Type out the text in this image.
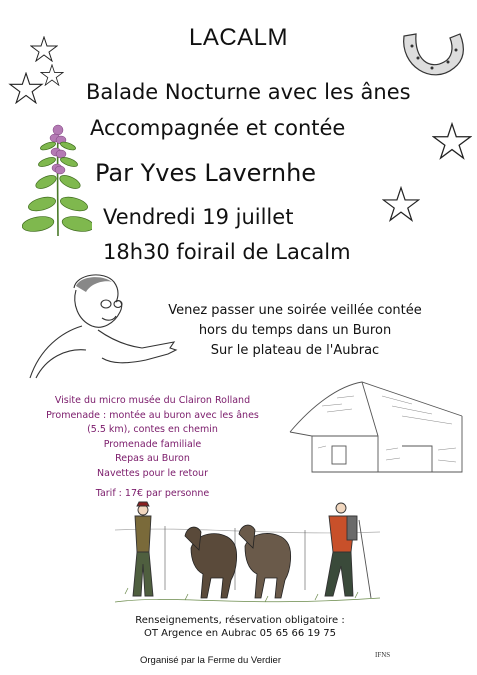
LACALM
Balade Nocturne avec les ânes
Accompagnée et contée
Par Yves Lavernhe
Vendredi 19 juillet
18h30 foirail de Lacalm
Venez passer une soirée veillée contée
hors du temps dans un Buron
Sur le plateau de l'Aubrac
Visite du micro musée du Clairon Rolland
Promenade : montée au buron avec les ânes
(5.5 km), contes en chemin
Promenade familiale
Repas au Buron
Navettes pour le retour
Tarif : 17€ par personne
Renseignements, réservation obligatoire :
OT Argence en Aubrac 05 65 66 19 75
Organisé par la Ferme du Verdier	IFNS
